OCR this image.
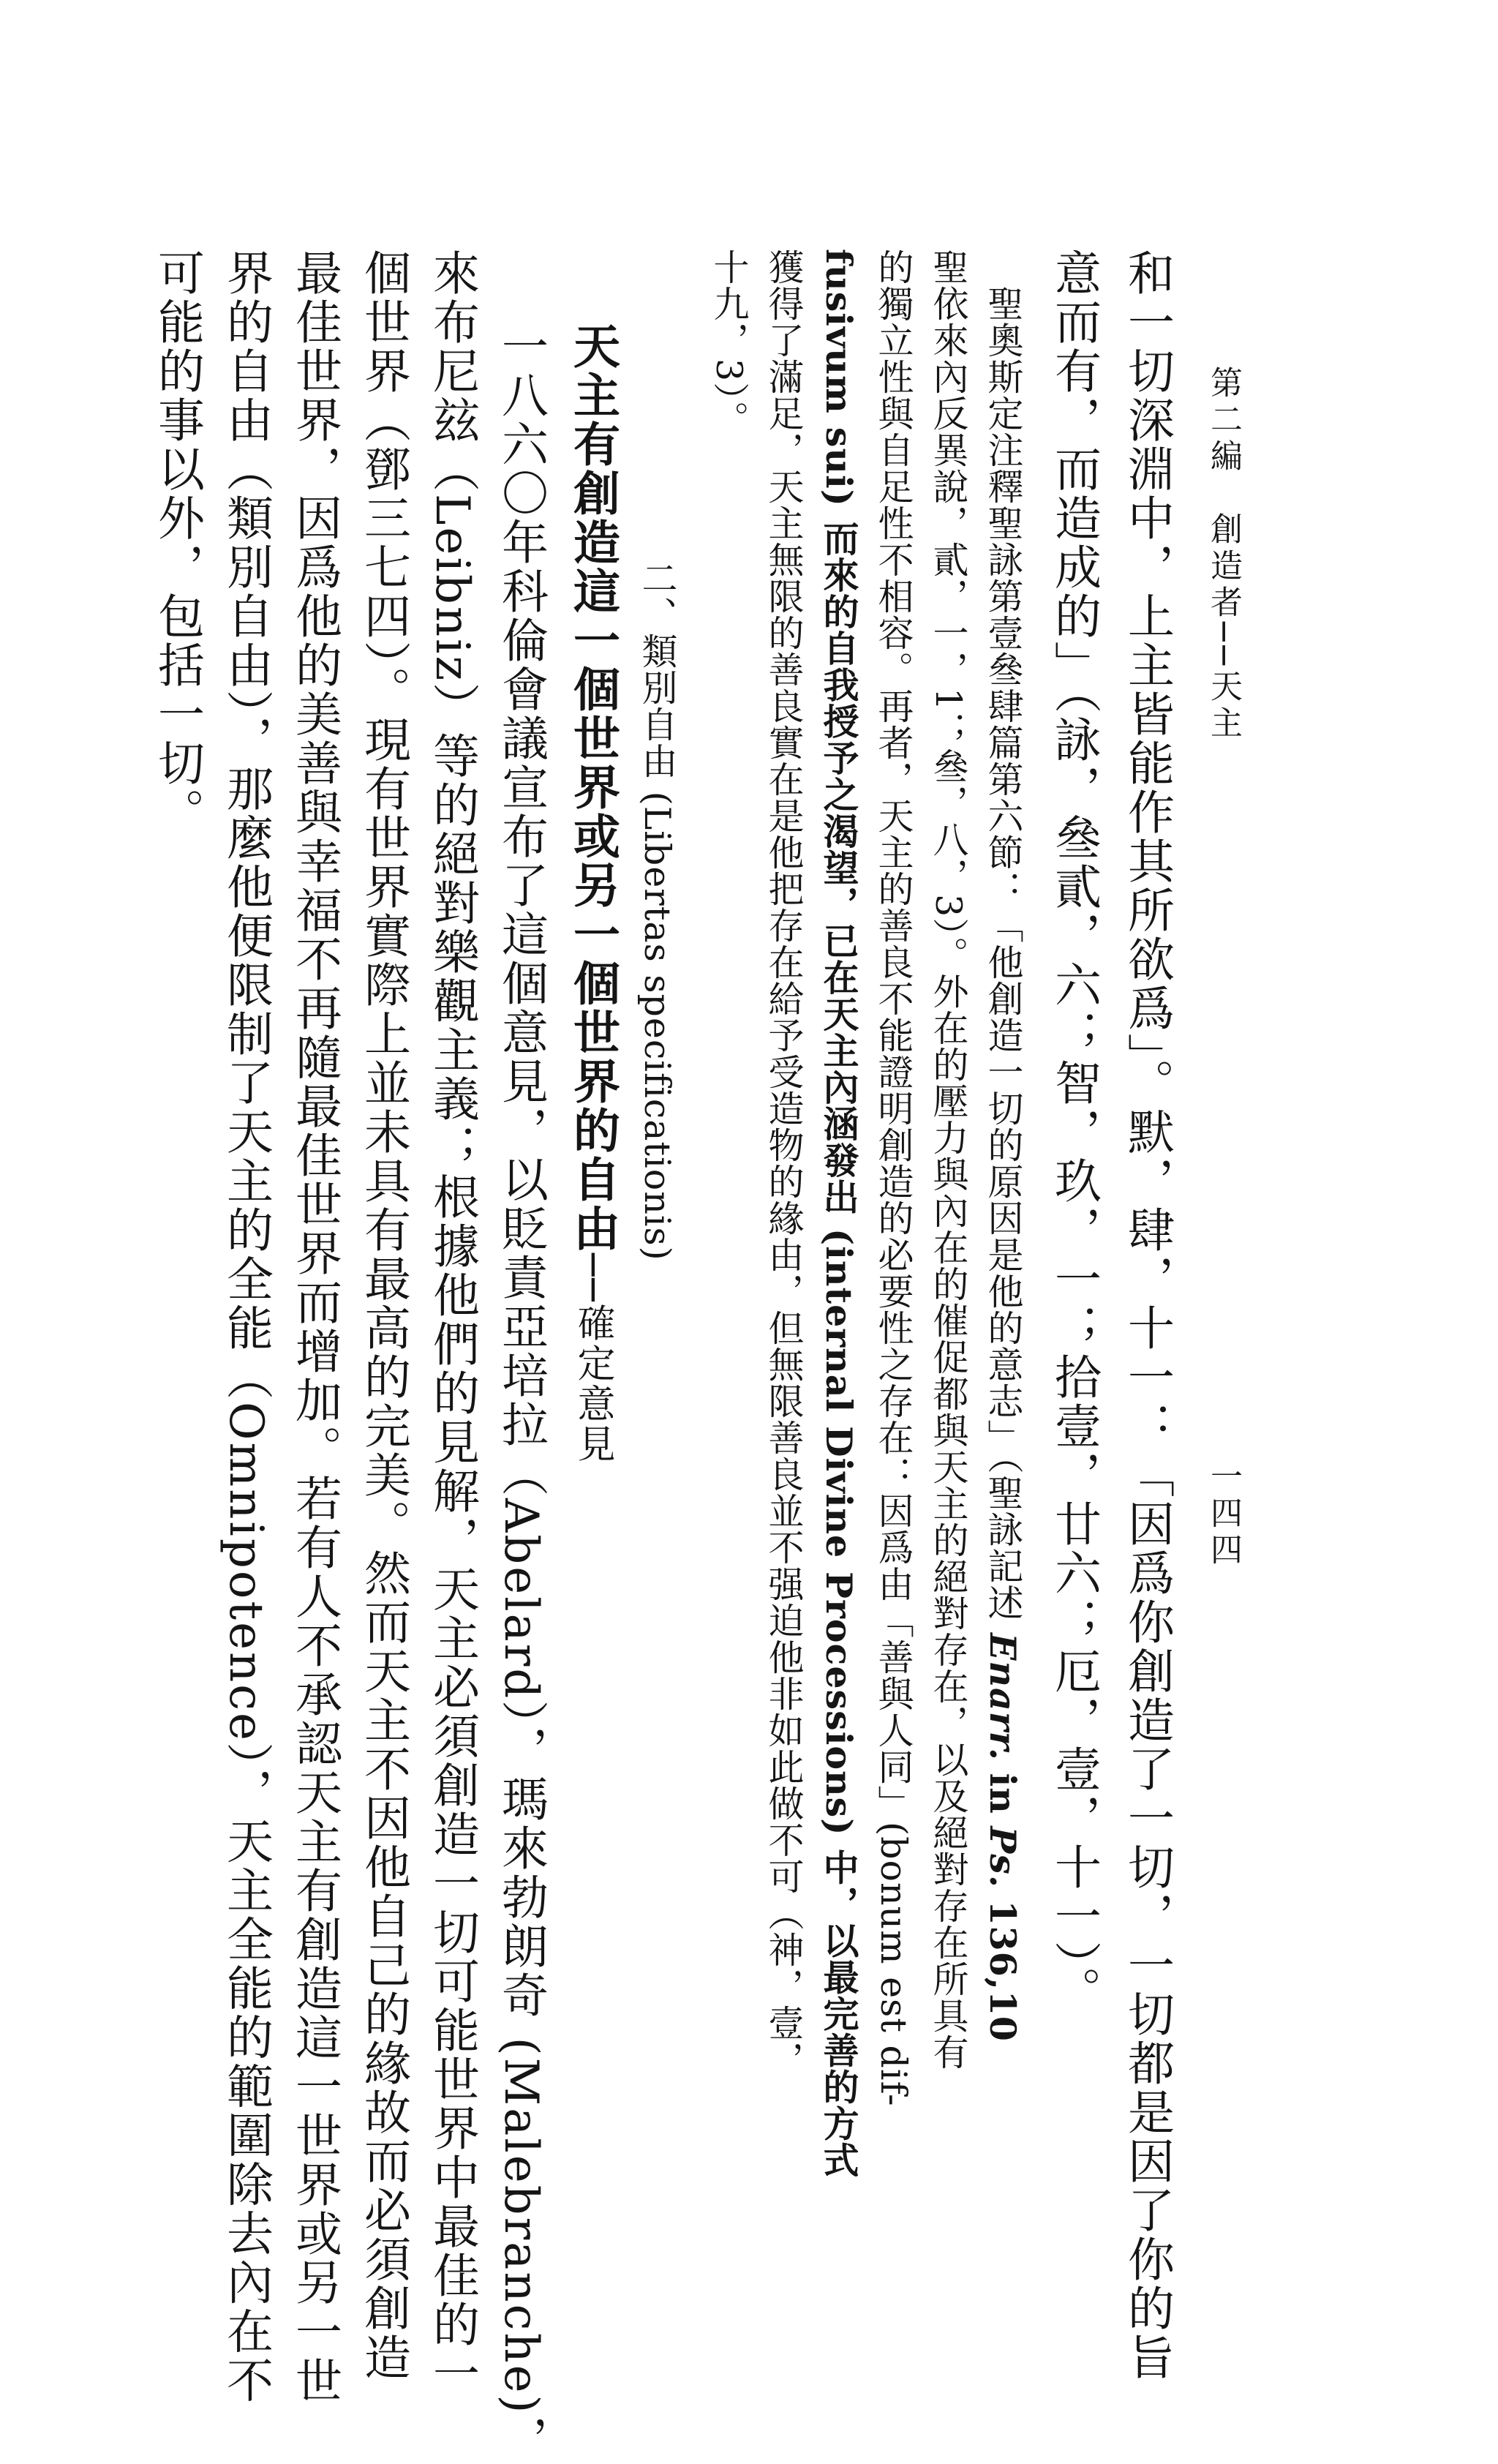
第二編　創造者──天主
一四四
和一切深淵中，上主皆能作其所欲爲」。默，肆，十一：「因爲你創造了一切，一切都是因了你的旨
意而有，而造成的」（詠，叄貳，六；智，玖，一；拾壹，廿六；厄，壹，十一）。
聖奧斯定注釋聖詠第壹叄肆篇第六節：「他創造一切的原因是他的意志」（聖詠記述 Enarr. in Ps. 136,10
聖依來內反異說，貳，一，1；叄，八，3）。外在的壓力與內在的催促都與天主的絕對存在，以及絕對存在所具有
的獨立性與自足性不相容。再者，天主的善良不能證明創造的必要性之存在：因爲由「善與人同」(bonum est dif-
fusivum sui) 而來的自我授予之渴望，已在天主內涵發出 (internal Divine Processions) 中，以最完善的方式
獲得了滿足，天主無限的善良實在是他把存在給予受造物的緣由，但無限善良並不强迫他非如此做不可（神，壹，
十九，3）。
二、類別自由 (Libertas specificationis)
天主有創造這一個世界或另一個世界的自由──確定意見
一八六〇年科倫會議宣布了這個意見，以貶責亞培拉（Abelard），瑪來勃朗奇 (Malebranche)，
來布尼玆（Leibniz）等的絕對樂觀主義；根據他們的見解，天主必須創造一切可能世界中最佳的一
個世界（鄧三七四）。現有世界實際上並未具有最高的完美。然而天主不因他自己的緣故而必須創造
最佳世界，因爲他的美善與幸福不再隨最佳世界而增加。若有人不承認天主有創造這一世界或另一世
界的自由（類別自由），那麼他便限制了天主的全能（Omnipotence），天主全能的範圍除去內在不
可能的事以外，包括一切。
